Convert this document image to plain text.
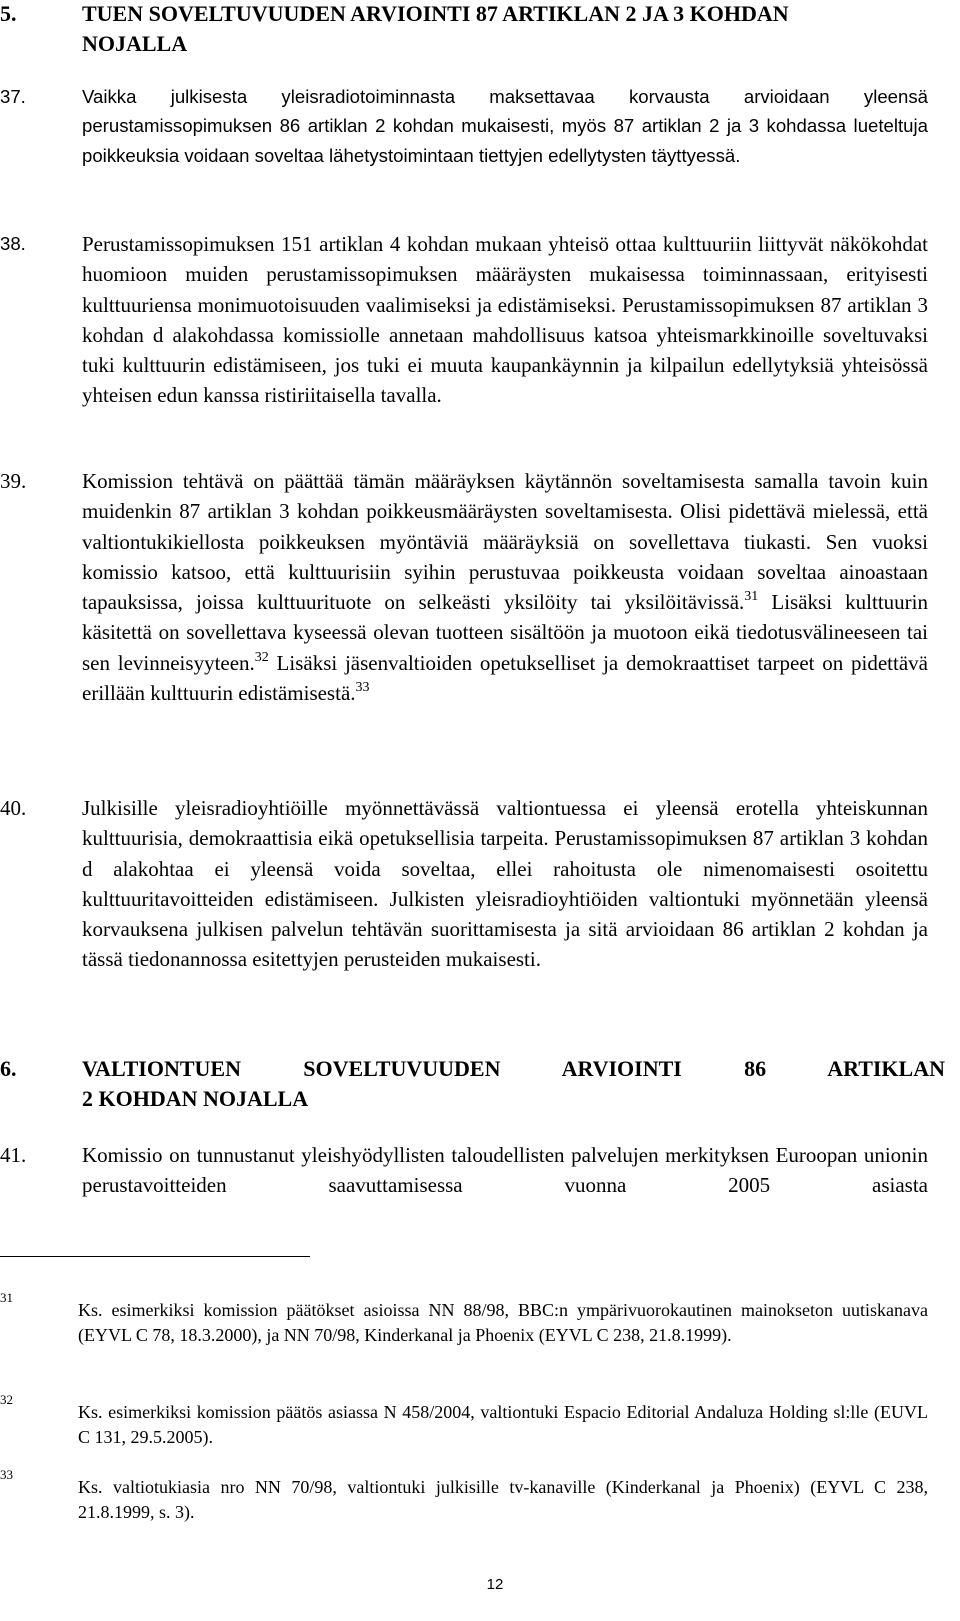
5.	TUEN SOVELTUVUUDEN ARVIOINTI 87 ARTIKLAN 2 JA 3 KOHDAN
NOJALLA
37.	Vaikka julkisesta yleisradiotoiminnasta maksettavaa korvausta arvioidaan yleensä perustamissopimuksen 86 artiklan 2 kohdan mukaisesti, myös 87 artiklan 2 ja 3 kohdassa lueteltuja poikkeuksia voidaan soveltaa lähetystoimintaan tiettyjen edellytysten täyttyessä.
38.	Perustamissopimuksen 151 artiklan 4 kohdan mukaan yhteisö ottaa kulttuuriin liittyvät näkökohdat huomioon muiden perustamissopimuksen määräysten mukaisessa toiminnassaan, erityisesti kulttuuriensa monimuotoisuuden vaalimiseksi ja edistämiseksi. Perustamissopimuksen 87 artiklan 3 kohdan d alakohdassa komissiolle annetaan mahdollisuus katsoa yhteismarkkinoille soveltuvaksi tuki kulttuurin edistämiseen, jos tuki ei muuta kaupankäynnin ja kilpailun edellytyksiä yhteisössä yhteisen edun kanssa ristiriitaisella tavalla.
39.	Komission tehtävä on päättää tämän määräyksen käytännön soveltamisesta samalla tavoin kuin muidenkin 87 artiklan 3 kohdan poikkeusmääräysten soveltamisesta. Olisi pidettävä mielessä, että valtiontukikiellosta poikkeuksen myöntäviä määräyksiä on sovellettava tiukasti. Sen vuoksi komissio katsoo, että kulttuurisiin syihin perustuvaa poikkeusta voidaan soveltaa ainoastaan tapauksissa, joissa kulttuurituote on selkeästi yksilöity tai yksilöitävissä.$^{31}$ Lisäksi kulttuurin käsitettä on sovellettava kyseessä olevan tuotteen sisältöön ja muotoon eikä tiedotusvälineeseen tai sen levinneisyyteen.$^{32}$ Lisäksi jäsenvaltioiden opetukselliset ja demokraattiset tarpeet on pidettävä erillään kulttuurin edistämisestä.$^{33}$
40.	Julkisille yleisradioyhtiöille myönnettävässä valtiontuessa ei yleensä erotella yhteiskunnan kulttuurisia, demokraattisia eikä opetuksellisia tarpeita. Perustamissopimuksen 87 artiklan 3 kohdan d alakohtaa ei yleensä voida soveltaa, ellei rahoitusta ole nimenomaisesti osoitettu kulttuuritavoitteiden edistämiseen. Julkisten yleisradioyhtiöiden valtiontuki myönnetään yleensä korvauksena julkisen palvelun tehtävän suorittamisesta ja sitä arvioidaan 86 artiklan 2 kohdan ja tässä tiedonannossa esitettyjen perusteiden mukaisesti.
6.	VALTIONTUEN SOVELTUVUUDEN ARVIOINTI 86 ARTIKLAN
2 KOHDAN NOJALLA
41.	Komissio on tunnustanut yleishyödyllisten taloudellisten palvelujen merkityksen Euroopan unionin perustavoitteiden saavuttamisessa vuonna 2005 asiasta
31
Ks. esimerkiksi komission päätökset asioissa NN 88/98, BBC:n ympärivuorokautinen mainokseton uutiskanava (EYVL C 78, 18.3.2000), ja NN 70/98, Kinderkanal ja Phoenix (EYVL C 238, 21.8.1999).
32
Ks. esimerkiksi komission päätös asiassa N 458/2004, valtiontuki Espacio Editorial Andaluza Holding sl:lle (EUVL C 131, 29.5.2005).
33
Ks. valtiotukiasia nro NN 70/98, valtiontuki julkisille tv-kanaville (Kinderkanal ja Phoenix) (EYVL C 238, 21.8.1999, s. 3).
12
